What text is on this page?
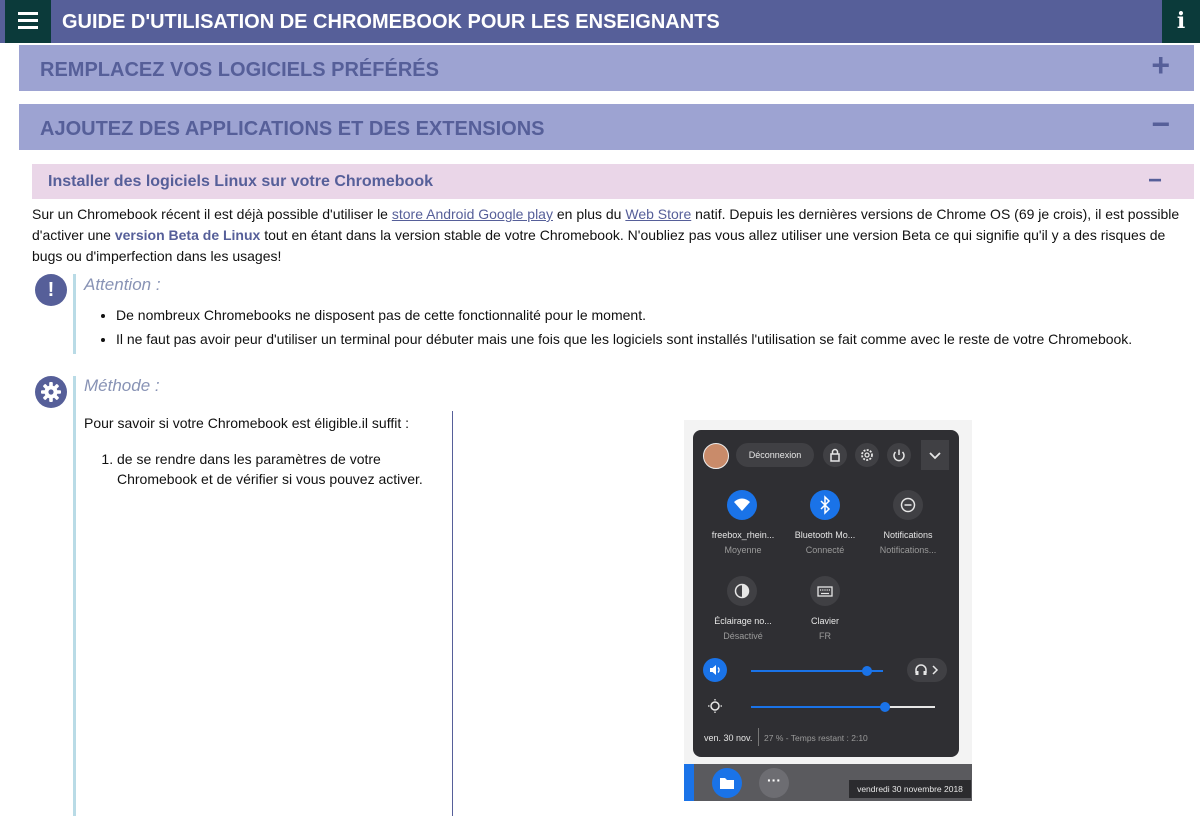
GUIDE D'UTILISATION DE CHROMEBOOK POUR LES ENSEIGNANTS	i
REMPLACEZ VOS LOGICIELS PRÉFÉRÉS	+
AJOUTEZ DES APPLICATIONS ET DES EXTENSIONS	−
Installer des logiciels Linux sur votre Chromebook	−
Sur un Chromebook récent il est déjà possible d'utiliser le store Android Google play en plus du Web Store natif. Depuis les dernières versions de Chrome OS (69 je crois), il est possible d'activer une version Beta de Linux tout en étant dans la version stable de votre Chromebook. N'oubliez pas vous allez utiliser une version Beta ce qui signifie qu'il y a des risques de bugs ou d'imperfection dans les usages!
!	Attention :
• De nombreux Chromebooks ne disposent pas de cette fonctionnalité pour le moment.
• Il ne faut pas avoir peur d'utiliser un terminal pour débuter mais une fois que les logiciels sont installés l'utilisation se fait comme avec le reste de votre Chromebook.
Méthode :
Pour savoir si votre Chromebook est éligible.il suffit :
1. de se rendre dans les paramètres de votre Chromebook et de vérifier si vous pouvez activer.
Déconnexion
freebox_rhein...
Moyenne
Bluetooth Mo...
Connecté
Notifications
Notifications...
Éclairage no...
Désactivé
Clavier
FR
ven. 30 nov. 27 % - Temps restant : 2:10
···
vendredi 30 novembre 2018
